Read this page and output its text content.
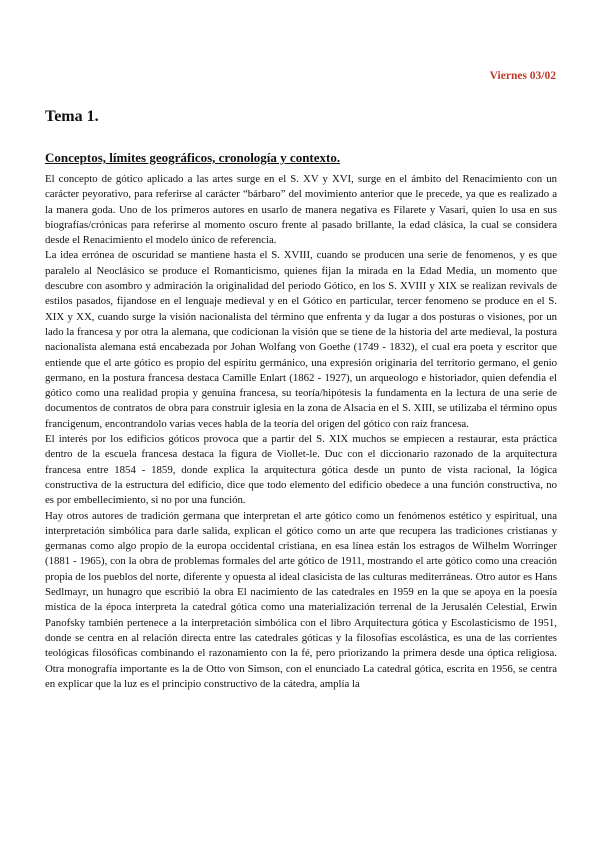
Viernes 03/02
Tema 1.
Conceptos, límites geográficos, cronología y contexto.

El concepto de gótico aplicado a las artes surge en el S. XV y XVI, surge en el ámbito del Renacimiento con un carácter peyorativo, para referirse al carácter “bárbaro” del movimiento anterior que le precede, ya que es realizado a la manera goda. Uno de los primeros autores en usarlo de manera negativa es Filarete y Vasari, quien lo usa en sus biografías/crónicas para referirse al momento oscuro frente al pasado brillante, la edad clásica, la cual se considera desde el Renacimiento el modelo único de referencia.

La idea errónea de oscuridad se mantiene hasta el S. XVIII, cuando se producen una serie de fenomenos, y es que paralelo al Neoclásico se produce el Romanticismo, quienes fijan la mirada en la Edad Media, un momento que descubre con asombro y admiración la originalidad del periodo Gótico, en los S. XVIII y XIX se realizan revivals de estilos pasados, fijandose en el lenguaje medieval y en el Gótico en particular, tercer fenomeno se produce en el S. XIX y XX, cuando surge la visión nacionalista del término que enfrenta y da lugar a dos posturas o visiones, por un lado la francesa y por otra la alemana, que codicionan la visión que se tiene de la historia del arte medieval, la postura nacionalista alemana está encabezada por Johan Wolfang von Goethe (1749 - 1832), el cual era poeta y escritor que entiende que el arte gótico es propio del espíritu germánico, una expresión originaria del territorio germano, el genio germano, en la postura francesa destaca Camille Enlart (1862 - 1927), un arqueologo e historiador, quien defendia el gótico como una realidad propia y genuina francesa, su teoría/hipótesis la fundamenta en la lectura de una serie de documentos de contratos de obra para construir iglesia en la zona de Alsacia en el S. XIII, se utilizaba el término opus francigenum, encontrandolo varias veces habla de la teoría del origen del gótico con raíz francesa.

El interés por los edificios góticos provoca que a partir del S. XIX muchos se empiecen a restaurar, esta práctica dentro de la escuela francesa destaca la figura de Viollet-le. Duc con el diccionario razonado de la arquitectura francesa entre 1854 - 1859, donde explica la arquitectura gótica desde un punto de vista racional, la lógica constructiva de la estructura del edificio, dice que todo elemento del edificio obedece a una función constructiva, no es por embellecimiento, si no por una función.

Hay otros autores de tradición germana que interpretan el arte gótico como un fenómenos estético y espiritual, una interpretación simbólica para darle salida, explican el gótico como un arte que recupera las tradiciones cristianas y germanas como algo propio de la europa occidental cristiana, en esa línea están los estragos de Wilhelm Worringer (1881 - 1965), con la obra de problemas formales del arte gótico de 1911, mostrando el arte gótico como una creación propia de los pueblos del norte, diferente y opuesta al ideal clasicista de las culturas mediterráneas. Otro autor es Hans Sedlmayr, un hunagro que escribió la obra El nacimiento de las catedrales en 1959 en la que se apoya en la poesía mística de la época interpreta la catedral gótica como una materialización terrenal de la Jerusalén Celestial, Erwin Panofsky también pertenece a la interpretación simbólica con el libro Arquitectura gótica y Escolasticismo de 1951, donde se centra en al relación directa entre las catedrales góticas y la filosofías escolástica, es una de las corrientes teológicas filosóficas combinando el razonamiento con la fé, pero priorizando la primera desde una óptica religiosa. Otra monografía importante es la de Otto von Simson, con el enunciado La catedral gótica, escrita en 1956, se centra en explicar que la luz es el principio constructivo de la cátedra, amplía la
